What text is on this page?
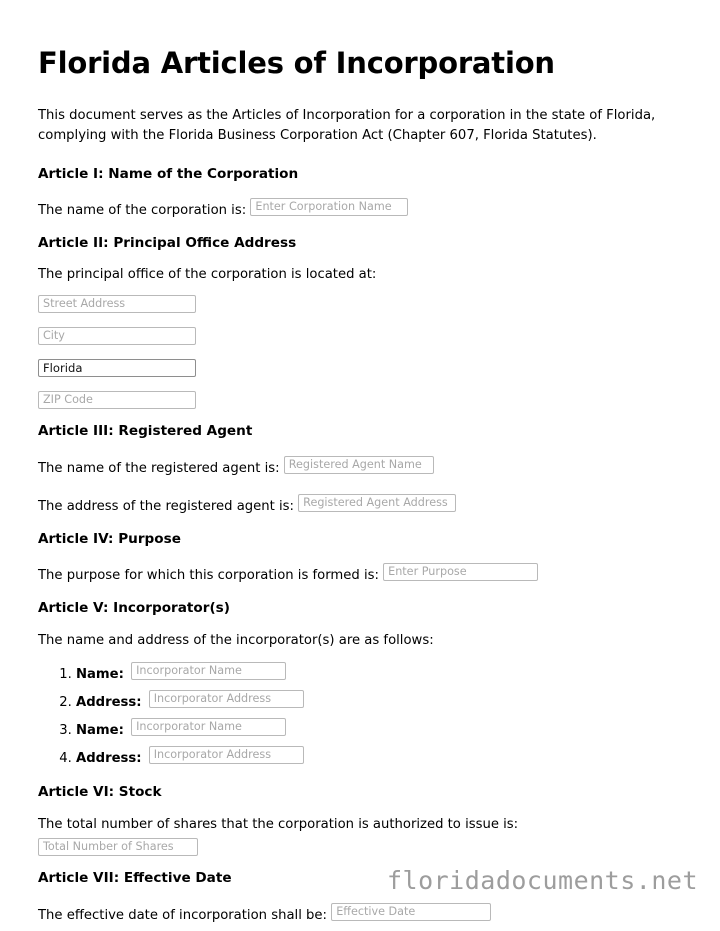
Florida Articles of Incorporation

This document serves as the Articles of Incorporation for a corporation in the state of Florida, complying with the Florida Business Corporation Act (Chapter 607, Florida Statutes).

Article I: Name of the Corporation

The name of the corporation is: Enter Corporation Name

Article II: Principal Office Address

The principal office of the corporation is located at:

Street Address
City
Florida
ZIP Code
Article III: Registered Agent

The name of the registered agent is: Registered Agent Name

The address of the registered agent is: Registered Agent Address

Article IV: Purpose

The purpose for which this corporation is formed is: Enter Purpose

Article V: Incorporator(s)

The name and address of the incorporator(s) are as follows:

1. Name: Incorporator Name
2. Address: Incorporator Address
3. Name: Incorporator Name
4. Address: Incorporator Address
Article VI: Stock

The total number of shares that the corporation is authorized to issue is:
Total Number of Shares

Article VII: Effective Date

The effective date of incorporation shall be: Effective Date

floridadocuments.net
